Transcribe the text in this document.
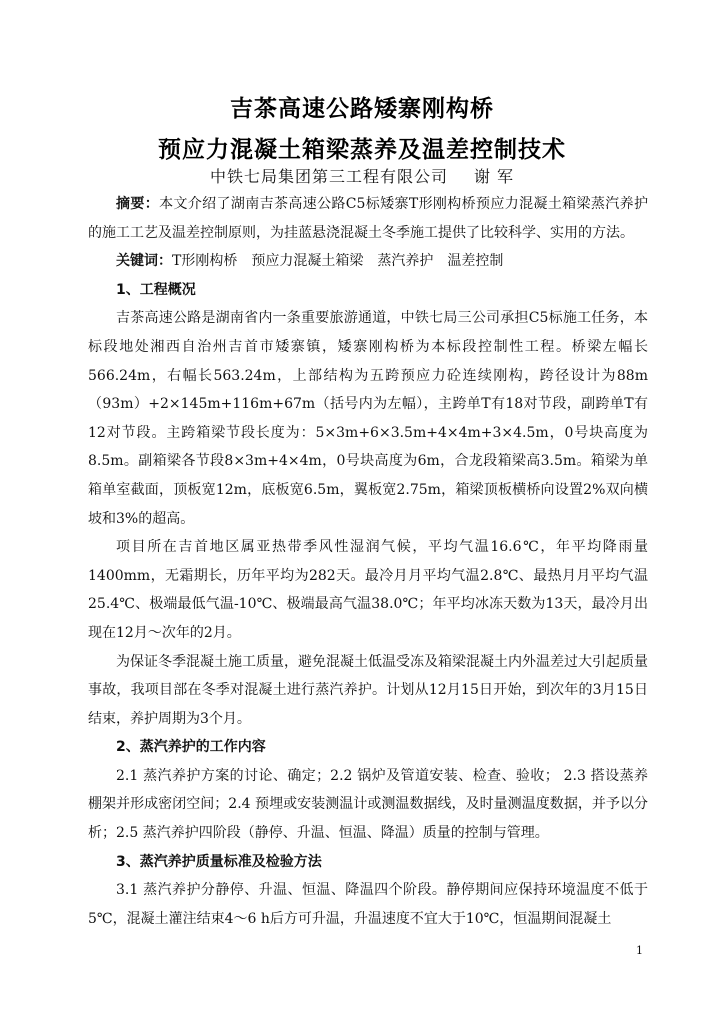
吉茶高速公路矮寨刚构桥
预应力混凝土箱梁蒸养及温差控制技术
中铁七局集团第三工程有限公司 谢 军

摘要：本文介绍了湖南吉茶高速公路C5标矮寨T形刚构桥预应力混凝土箱梁蒸汽养护的施工工艺及温差控制原则，为挂蓝悬浇混凝土冬季施工提供了比较科学、实用的方法。

关键词：T形刚构桥 预应力混凝土箱梁 蒸汽养护 温差控制

1、工程概况

吉茶高速公路是湖南省内一条重要旅游通道，中铁七局三公司承担C5标施工任务，本标段地处湘西自治州吉首市矮寨镇，矮寨刚构桥为本标段控制性工程。桥梁左幅长566.24m，右幅长563.24m，上部结构为五跨预应力砼连续刚构，跨径设计为88m（93m）+2×145m+116m+67m（括号内为左幅），主跨单T有18对节段，副跨单T有12对节段。主跨箱梁节段长度为：5×3m+6×3.5m+4×4m+3×4.5m，0号块高度为8.5m。副箱梁各节段8×3m+4×4m，0号块高度为6m，合龙段箱梁高3.5m。箱梁为单箱单室截面，顶板宽12m，底板宽6.5m，翼板宽2.75m，箱梁顶板横桥向设置2%双向横坡和3%的超高。

项目所在吉首地区属亚热带季风性湿润气候，平均气温16.6℃，年平均降雨量1400mm，无霜期长，历年平均为282天。最冷月月平均气温2.8℃、最热月月平均气温25.4℃、极端最低气温-10℃、极端最高气温38.0℃；年平均冰冻天数为13天，最冷月出现在12月～次年的2月。

为保证冬季混凝土施工质量，避免混凝土低温受冻及箱梁混凝土内外温差过大引起质量事故，我项目部在冬季对混凝土进行蒸汽养护。计划从12月15日开始，到次年的3月15日结束，养护周期为3个月。

2、蒸汽养护的工作内容

2.1 蒸汽养护方案的讨论、确定；2.2 锅炉及管道安装、检查、验收； 2.3 搭设蒸养棚架并形成密闭空间；2.4 预埋或安装测温计或测温数据线，及时量测温度数据，并予以分析；2.5 蒸汽养护四阶段（静停、升温、恒温、降温）质量的控制与管理。

3、蒸汽养护质量标准及检验方法

3.1 蒸汽养护分静停、升温、恒温、降温四个阶段。静停期间应保持环境温度不低于5℃，混凝土灌注结束4～6 h后方可升温，升温速度不宜大于10℃，恒温期间混凝土

1
